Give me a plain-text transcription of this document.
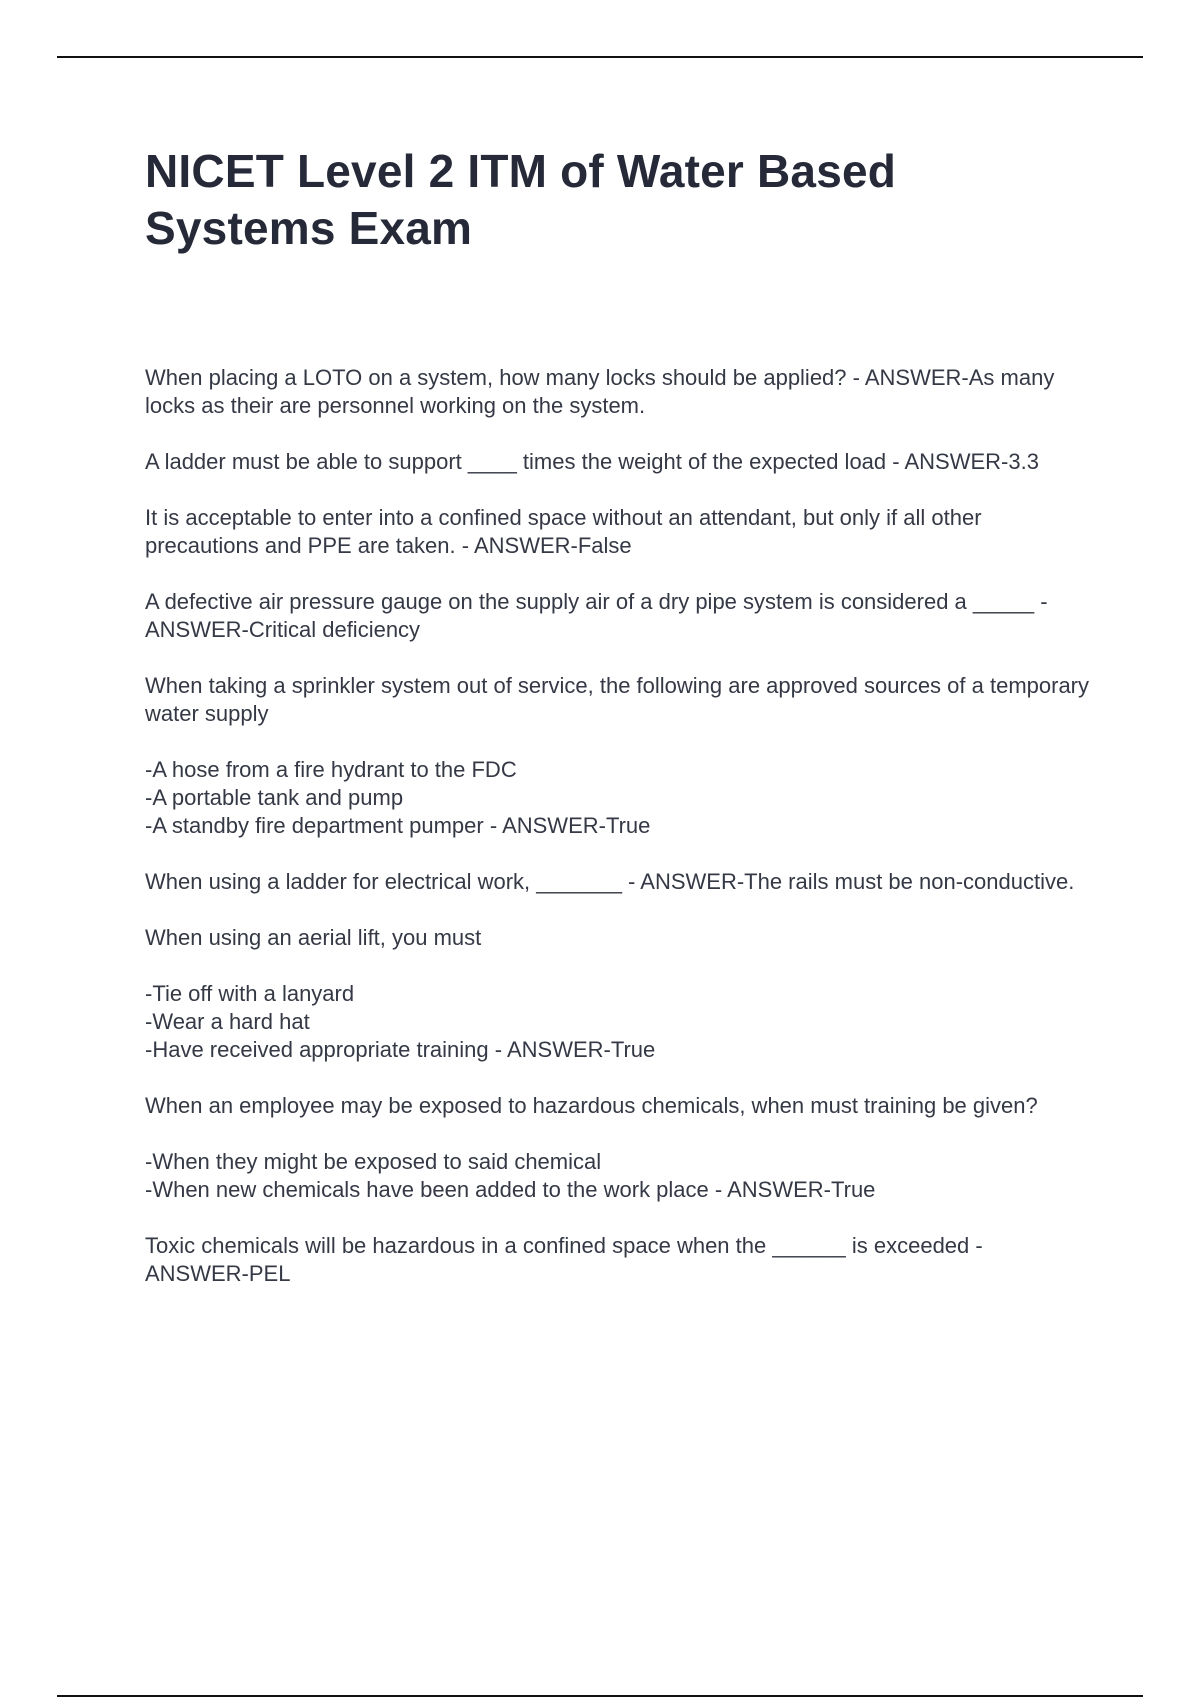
NICET Level 2 ITM of Water Based Systems Exam

When placing a LOTO on a system, how many locks should be applied? - ANSWER-As many locks as their are personnel working on the system.

A ladder must be able to support ____ times the weight of the expected load - ANSWER-3.3

It is acceptable to enter into a confined space without an attendant, but only if all other precautions and PPE are taken. - ANSWER-False

A defective air pressure gauge on the supply air of a dry pipe system is considered a _____ - ANSWER-Critical deficiency

When taking a sprinkler system out of service, the following are approved sources of a temporary water supply

-A hose from a fire hydrant to the FDC
-A portable tank and pump
-A standby fire department pumper - ANSWER-True

When using a ladder for electrical work, _______ - ANSWER-The rails must be non-conductive.

When using an aerial lift, you must

-Tie off with a lanyard
-Wear a hard hat
-Have received appropriate training - ANSWER-True

When an employee may be exposed to hazardous chemicals, when must training be given?

-When they might be exposed to said chemical
-When new chemicals have been added to the work place - ANSWER-True

Toxic chemicals will be hazardous in a confined space when the ______ is exceeded - ANSWER-PEL
